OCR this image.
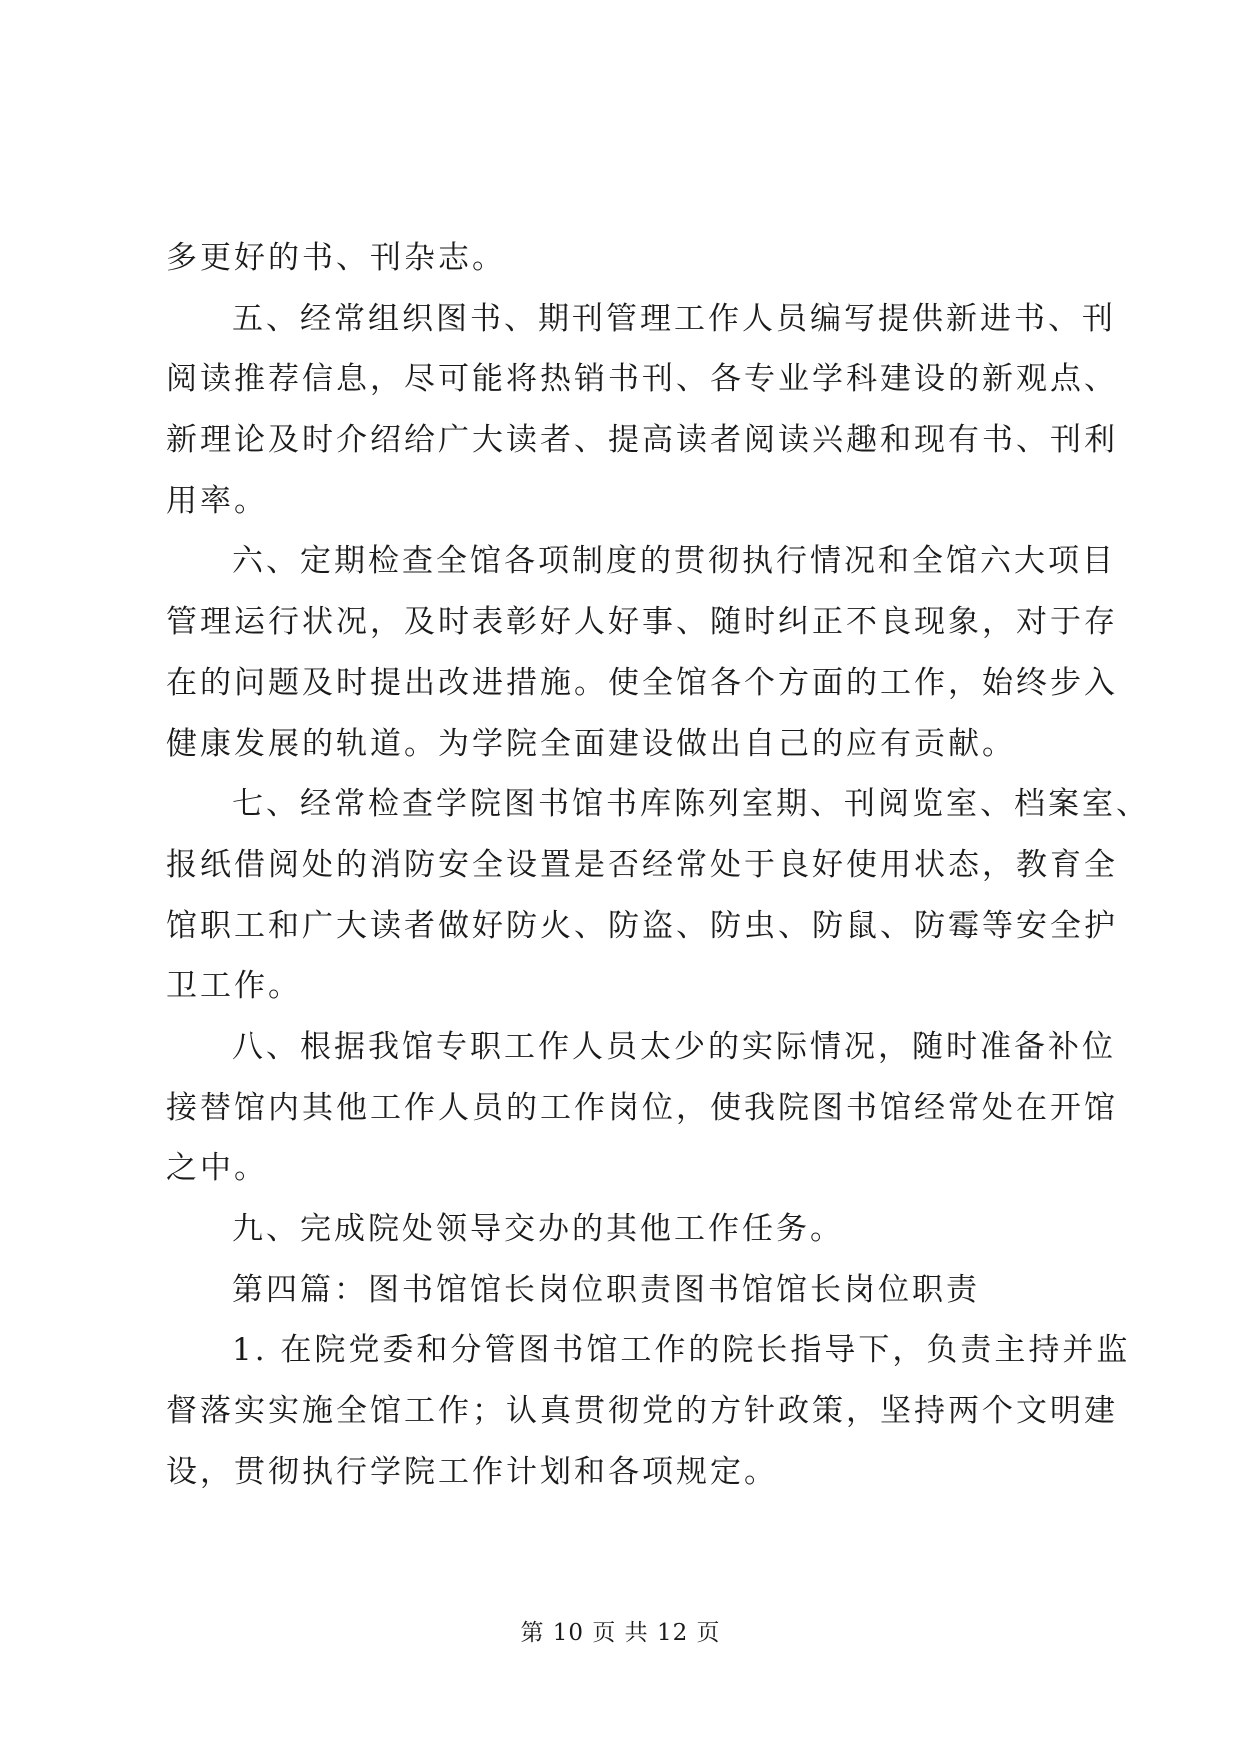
多更好的书、刊杂志。
五、经常组织图书、期刊管理工作人员编写提供新进书、刊
阅读推荐信息，尽可能将热销书刊、各专业学科建设的新观点、
新理论及时介绍给广大读者、提高读者阅读兴趣和现有书、刊利
用率。
六、定期检查全馆各项制度的贯彻执行情况和全馆六大项目
管理运行状况，及时表彰好人好事、随时纠正不良现象，对于存
在的问题及时提出改进措施。使全馆各个方面的工作，始终步入
健康发展的轨道。为学院全面建设做出自己的应有贡献。
七、经常检查学院图书馆书库陈列室期、刊阅览室、档案室、
报纸借阅处的消防安全设置是否经常处于良好使用状态，教育全
馆职工和广大读者做好防火、防盗、防虫、防鼠、防霉等安全护
卫工作。
八、根据我馆专职工作人员太少的实际情况，随时准备补位
接替馆内其他工作人员的工作岗位，使我院图书馆经常处在开馆
之中。
九、完成院处领导交办的其他工作任务。
第四篇：图书馆馆长岗位职责图书馆馆长岗位职责
1. 在院党委和分管图书馆工作的院长指导下，负责主持并监
督落实实施全馆工作；认真贯彻党的方针政策，坚持两个文明建
设，贯彻执行学院工作计划和各项规定。
第 10 页 共 12 页
